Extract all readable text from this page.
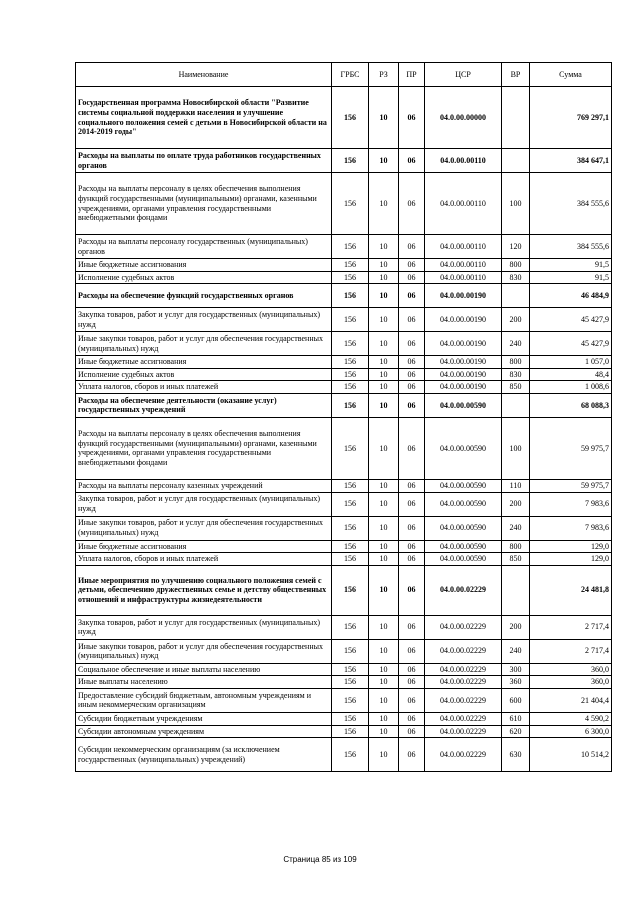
Наименование	ГРБС	РЗ	ПР	ЦСР	ВР	Сумма
Государственная программа Новосибирской области "Развитие системы социальной поддержки населения и улучшение социального положения семей с детьми в Новосибирской области на 2014-2019 годы"	156	10	06	04.0.00.00000		769 297,1
Расходы на выплаты по оплате труда работников государственных органов	156	10	06	04.0.00.00110		384 647,1
Расходы на выплаты персоналу в целях обеспечения выполнения функций государственными (муниципальными) органами, казенными учреждениями, органами управления государственными внебюджетными фондами	156	10	06	04.0.00.00110	100	384 555,6
Расходы на выплаты персоналу государственных (муниципальных) органов	156	10	06	04.0.00.00110	120	384 555,6
Иные бюджетные ассигнования	156	10	06	04.0.00.00110	800	91,5
Исполнение судебных актов	156	10	06	04.0.00.00110	830	91,5
Расходы на обеспечение функций государственных органов	156	10	06	04.0.00.00190		46 484,9
Закупка товаров, работ и услуг для государственных (муниципальных) нужд	156	10	06	04.0.00.00190	200	45 427,9
Иные закупки товаров, работ и услуг для обеспечения государственных (муниципальных) нужд	156	10	06	04.0.00.00190	240	45 427,9
Иные бюджетные ассигнования	156	10	06	04.0.00.00190	800	1 057,0
Исполнение судебных актов	156	10	06	04.0.00.00190	830	48,4
Уплата налогов, сборов и иных платежей	156	10	06	04.0.00.00190	850	1 008,6
Расходы на обеспечение деятельности (оказание услуг) государственных учреждений	156	10	06	04.0.00.00590		68 088,3
Расходы на выплаты персоналу в целях обеспечения выполнения функций государственными (муниципальными) органами, казенными учреждениями, органами управления государственными внебюджетными фондами	156	10	06	04.0.00.00590	100	59 975,7
Расходы на выплаты персоналу казенных учреждений	156	10	06	04.0.00.00590	110	59 975,7
Закупка товаров, работ и услуг для государственных (муниципальных) нужд	156	10	06	04.0.00.00590	200	7 983,6
Иные закупки товаров, работ и услуг для обеспечения государственных (муниципальных) нужд	156	10	06	04.0.00.00590	240	7 983,6
Иные бюджетные ассигнования	156	10	06	04.0.00.00590	800	129,0
Уплата налогов, сборов и иных платежей	156	10	06	04.0.00.00590	850	129,0
Иные мероприятия по улучшению социального положения семей с детьми, обеспечению дружественных семье и детству общественных отношений и инфраструктуры жизнедеятельности	156	10	06	04.0.00.02229		24 481,8
Закупка товаров, работ и услуг для государственных (муниципальных) нужд	156	10	06	04.0.00.02229	200	2 717,4
Иные закупки товаров, работ и услуг для обеспечения государственных (муниципальных) нужд	156	10	06	04.0.00.02229	240	2 717,4
Социальное обеспечение и иные выплаты населению	156	10	06	04.0.00.02229	300	360,0
Иные выплаты населению	156	10	06	04.0.00.02229	360	360,0
Предоставление субсидий бюджетным, автономным учреждениям и иным некоммерческим организациям	156	10	06	04.0.00.02229	600	21 404,4
Субсидии бюджетным учреждениям	156	10	06	04.0.00.02229	610	4 590,2
Субсидии автономным учреждениям	156	10	06	04.0.00.02229	620	6 300,0
Субсидии некоммерческим организациям (за исключением государственных (муниципальных) учреждений)	156	10	06	04.0.00.02229	630	10 514,2
Страница 85 из 109
